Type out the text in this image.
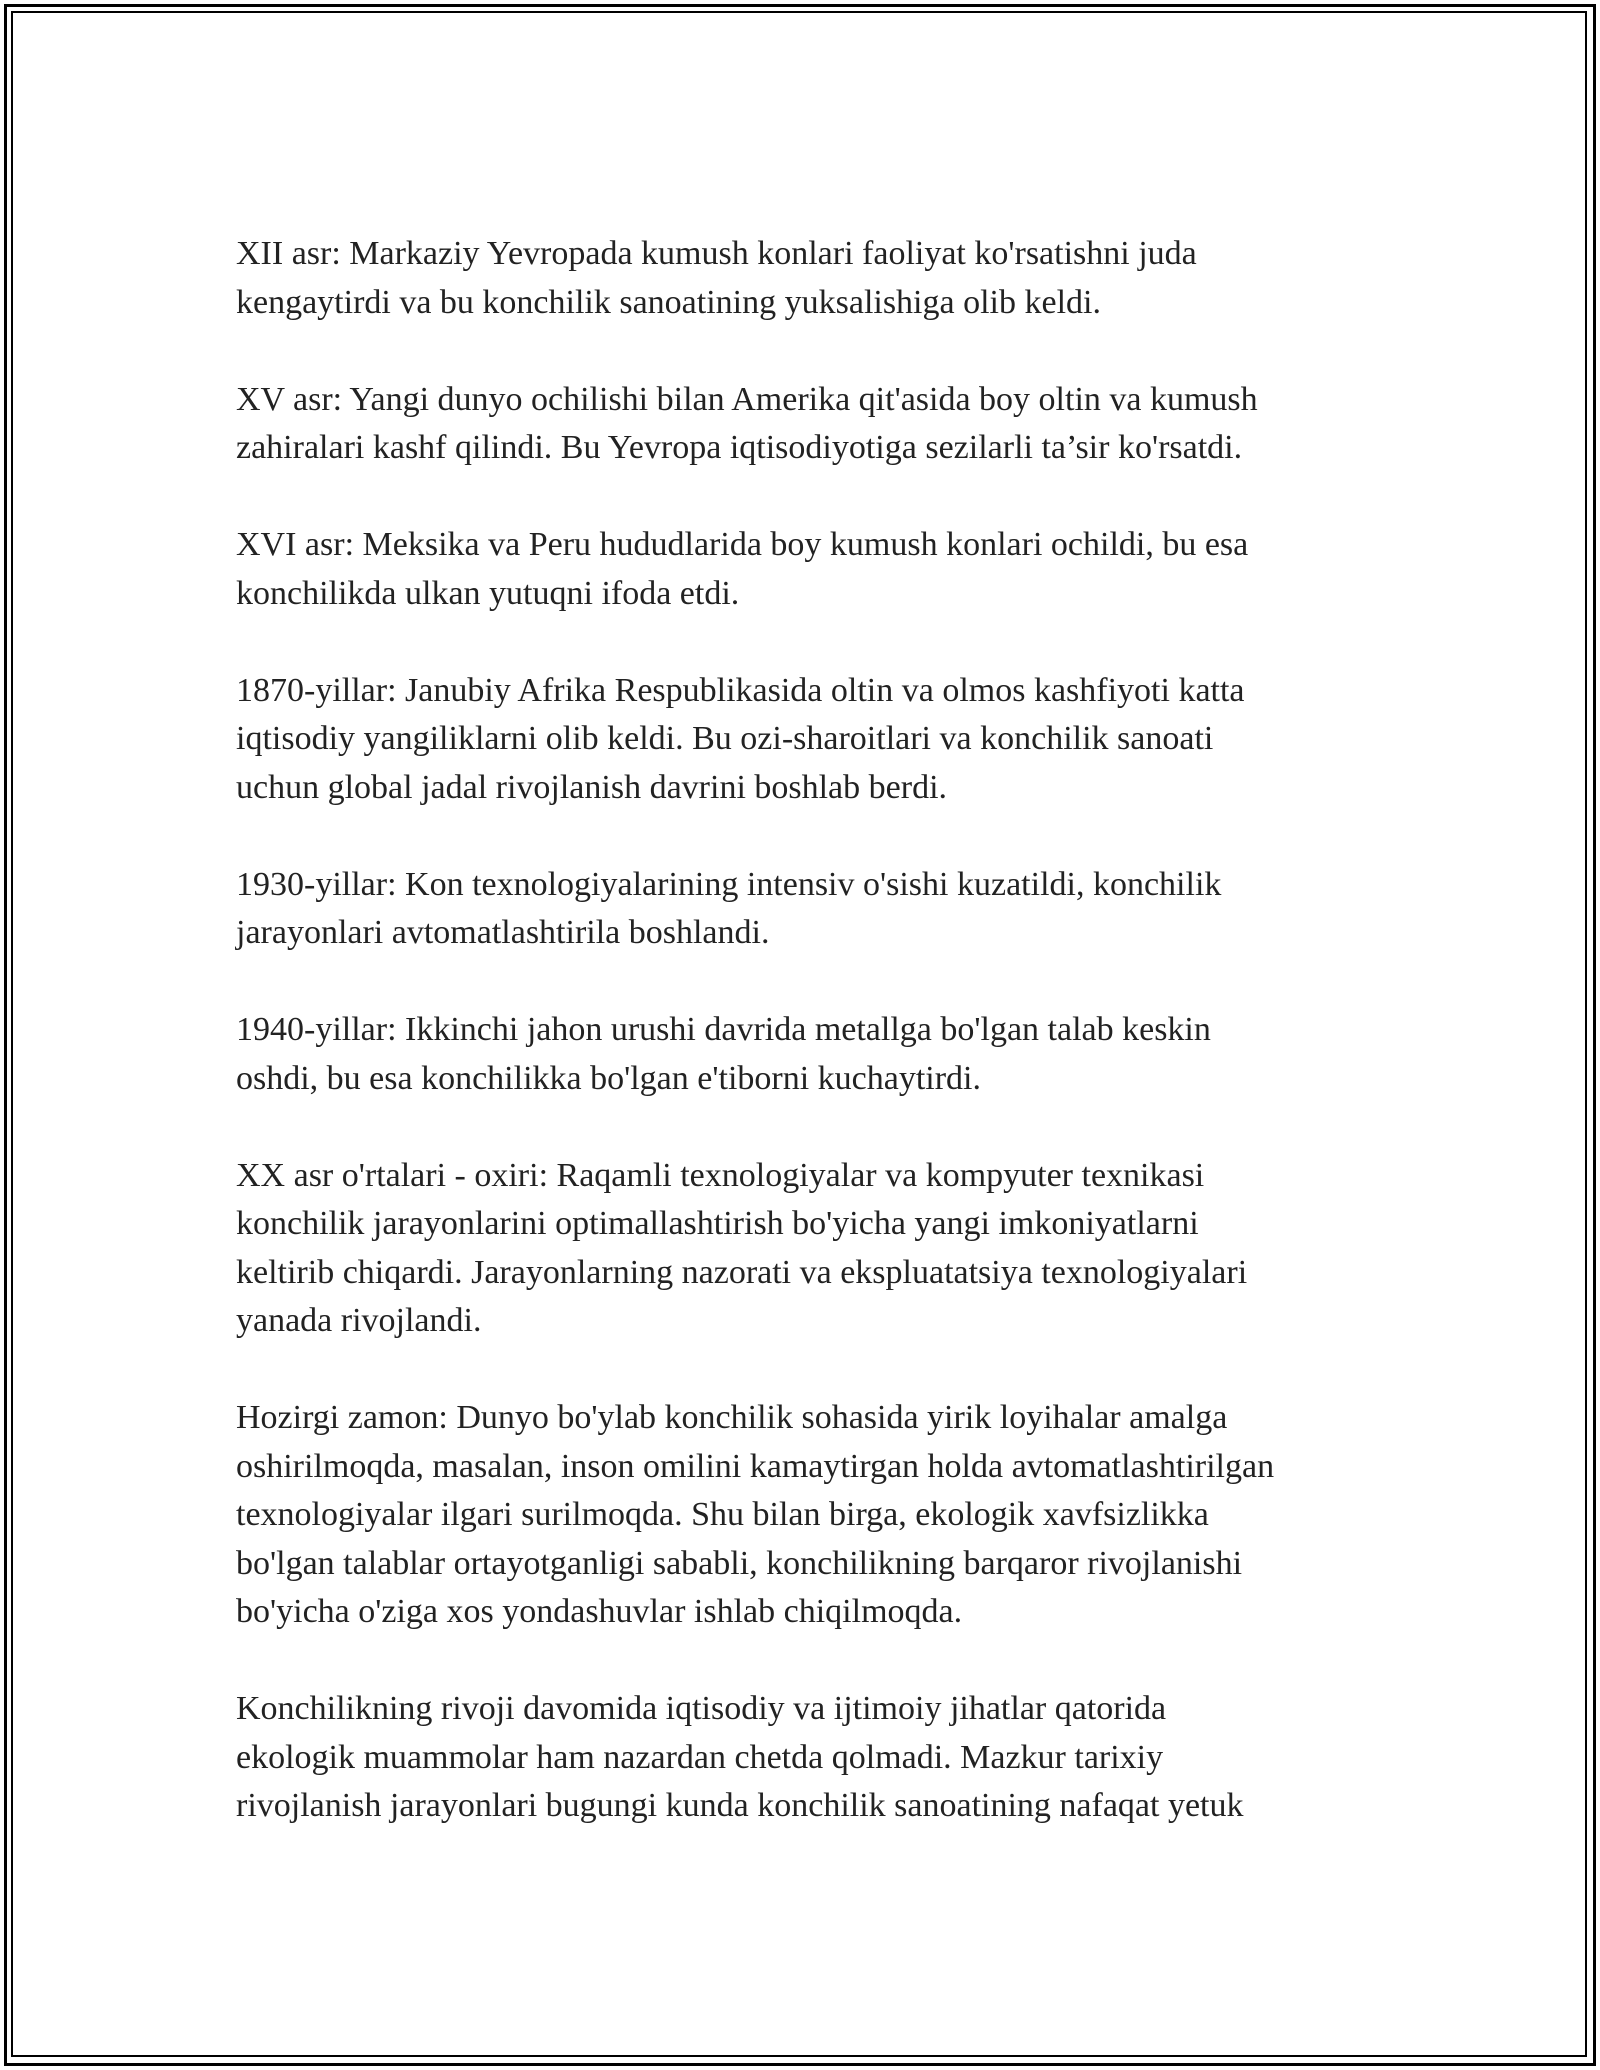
XII asr: Markaziy Yevropada kumush konlari faoliyat ko'rsatishni juda
kengaytirdi va bu konchilik sanoatining yuksalishiga olib keldi.

XV asr: Yangi dunyo ochilishi bilan Amerika qit'asida boy oltin va kumush
zahiralari kashf qilindi. Bu Yevropa iqtisodiyotiga sezilarli ta’sir ko'rsatdi.

XVI asr: Meksika va Peru hududlarida boy kumush konlari ochildi, bu esa
konchilikda ulkan yutuqni ifoda etdi.

1870-yillar: Janubiy Afrika Respublikasida oltin va olmos kashfiyoti katta
iqtisodiy yangiliklarni olib keldi. Bu ozi-sharoitlari va konchilik sanoati
uchun global jadal rivojlanish davrini boshlab berdi.

1930-yillar: Kon texnologiyalarining intensiv o'sishi kuzatildi, konchilik
jarayonlari avtomatlashtirila boshlandi.

1940-yillar: Ikkinchi jahon urushi davrida metallga bo'lgan talab keskin
oshdi, bu esa konchilikka bo'lgan e'tiborni kuchaytirdi.

XX asr o'rtalari - oxiri: Raqamli texnologiyalar va kompyuter texnikasi
konchilik jarayonlarini optimallashtirish bo'yicha yangi imkoniyatlarni
keltirib chiqardi. Jarayonlarning nazorati va ekspluatatsiya texnologiyalari
yanada rivojlandi.

Hozirgi zamon: Dunyo bo'ylab konchilik sohasida yirik loyihalar amalga
oshirilmoqda, masalan, inson omilini kamaytirgan holda avtomatlashtirilgan
texnologiyalar ilgari surilmoqda. Shu bilan birga, ekologik xavfsizlikka
bo'lgan talablar ortayotganligi sababli, konchilikning barqaror rivojlanishi
bo'yicha o'ziga xos yondashuvlar ishlab chiqilmoqda.

Konchilikning rivoji davomida iqtisodiy va ijtimoiy jihatlar qatorida
ekologik muammolar ham nazardan chetda qolmadi. Mazkur tarixiy
rivojlanish jarayonlari bugungi kunda konchilik sanoatining nafaqat yetuk
